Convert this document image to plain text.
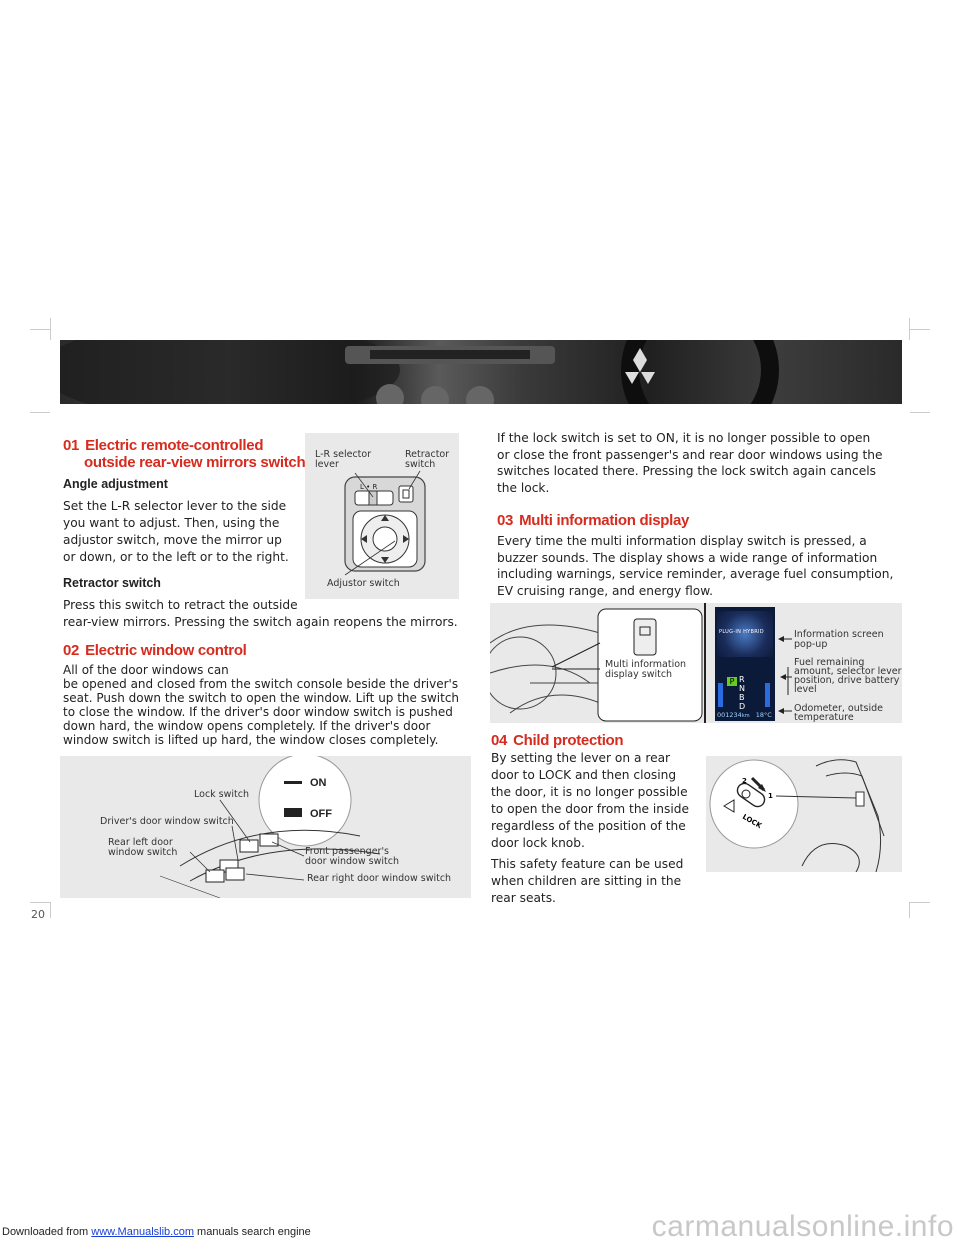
Downloaded from www.Manualslib.com manuals search engine	carmanualsonline.info
20
01 Electric remote-controlled
outside rear-view mirrors switch
Angle adjustment
Set the L-R selector lever to the side
you want to adjust. Then, using the
adjustor switch, move the mirror up
or down, or to the left or to the right.
Retractor switch
Press this switch to retract the outside
rear-view mirrors. Pressing the switch again reopens the mirrors.
L-R selector
lever
Retractor
switch
Adjustor switch
L • R
02 Electric window control
All of the door windows can
be opened and closed from the switch console beside the driver's
seat. Push down the switch to open the window. Lift up the switch
to close the window. If the driver's door window switch is pushed
down hard, the window opens completely. If the driver's door
window switch is lifted up hard, the window closes completely.
ON
OFF
Lock switch
Driver's door window switch
Rear left door
window switch	Front passenger's
door window switch
Rear right door window switch
If the lock switch is set to ON, it is no longer possible to open
or close the front passenger's and rear door windows using the
switches located there. Pressing the lock switch again cancels
the lock.
03 Multi information display
Every time the multi information display switch is pressed, a
buzzer sounds. The display shows a wide range of information
including warnings, service reminder, average fuel consumption,
EV cruising range, and energy flow.
Multi information
display switch
PLUG-IN HYBRID
P R N B D
001234km 18°C
Information screen
pop-up
Fuel remaining
amount, selector lever
position, drive battery
level
Odometer, outside
temperature
04 Child protection
By setting the lever on a rear
door to LOCK and then closing
the door, it is no longer possible
to open the door from the inside
regardless of the position of the
door lock knob.
This safety feature can be used
when children are sitting in the
rear seats.
2
1
LOCK
